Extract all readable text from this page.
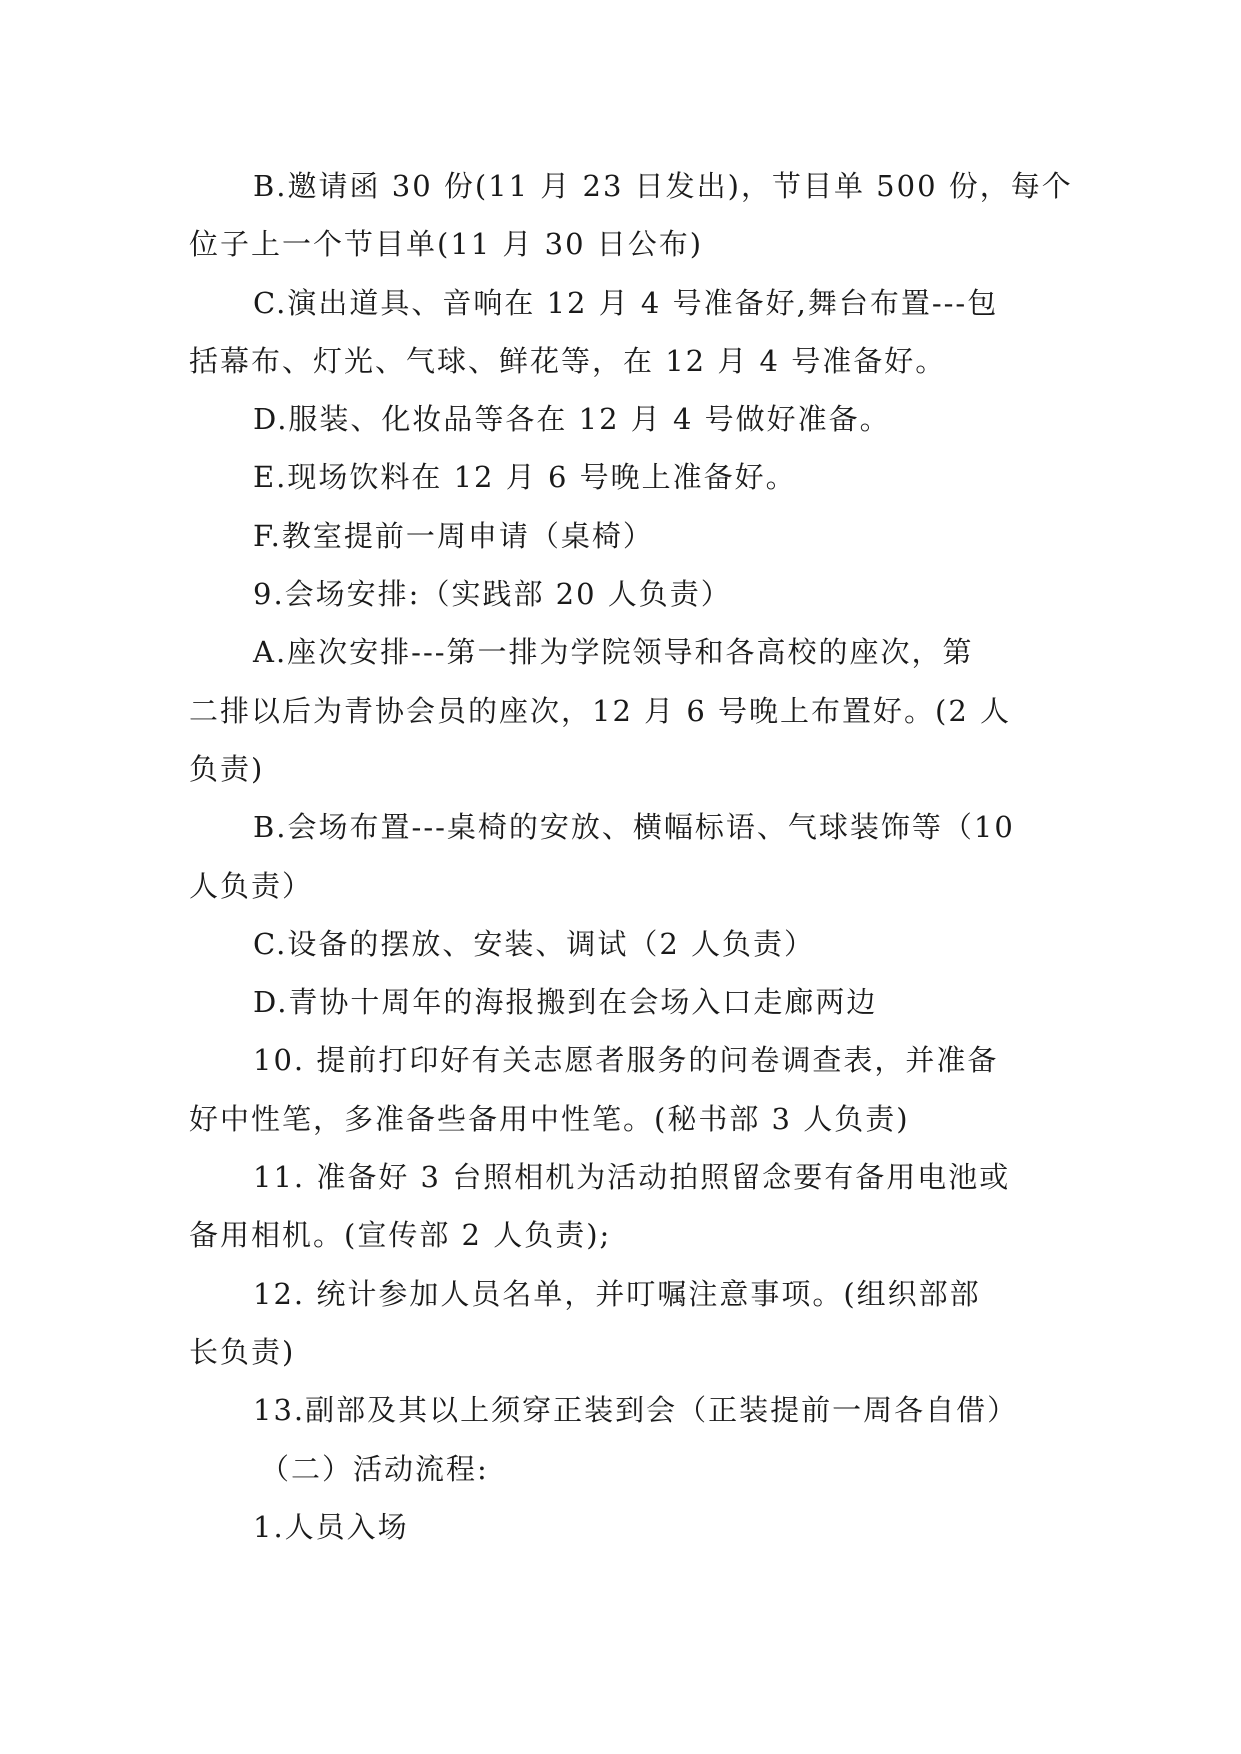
B.邀请函 30 份(11 月 23 日发出)，节目单 500 份，每个
位子上一个节目单(11 月 30 日公布)
C.演出道具、音响在 12 月 4 号准备好,舞台布置---包
括幕布、灯光、气球、鲜花等，在 12 月 4 号准备好。
D.服装、化妆品等各在 12 月 4 号做好准备。
E.现场饮料在 12 月 6 号晚上准备好。
F.教室提前一周申请（桌椅）
9.会场安排:（实践部 20 人负责）
A.座次安排---第一排为学院领导和各高校的座次，第
二排以后为青协会员的座次，12 月 6 号晚上布置好。(2 人
负责)
B.会场布置---桌椅的安放、横幅标语、气球装饰等（10
人负责）
C.设备的摆放、安装、调试（2 人负责）
D.青协十周年的海报搬到在会场入口走廊两边
10. 提前打印好有关志愿者服务的问卷调查表，并准备
好中性笔，多准备些备用中性笔。(秘书部 3 人负责)
11. 准备好 3 台照相机为活动拍照留念要有备用电池或
备用相机。(宣传部 2 人负责);
12. 统计参加人员名单，并叮嘱注意事项。(组织部部
长负责)
13.副部及其以上须穿正装到会（正装提前一周各自借）
（二）活动流程:
1.人员入场
